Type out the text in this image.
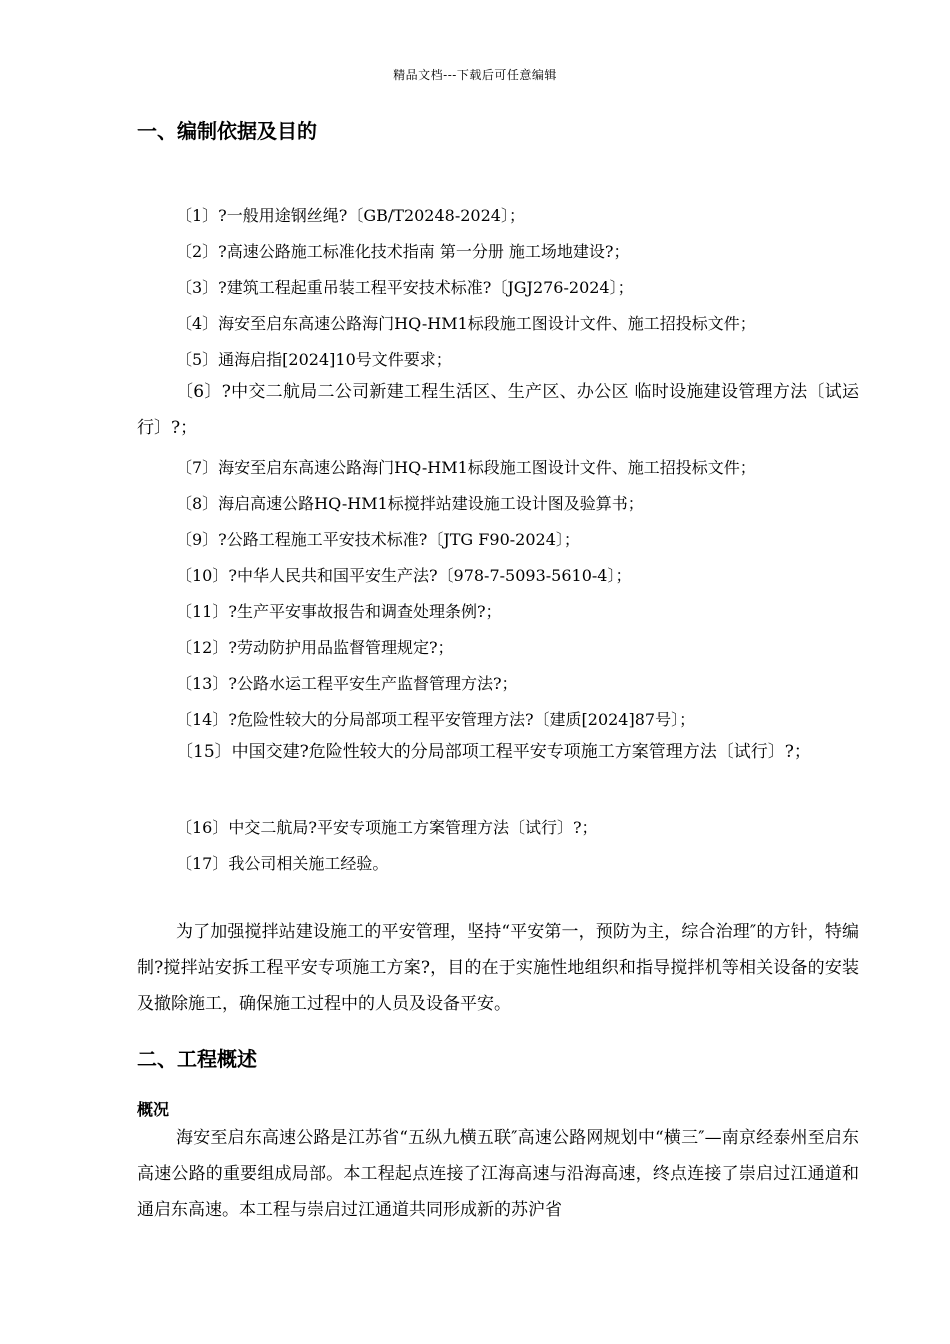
精品文档---下载后可任意编辑
一、编制依据及目的
〔1〕?一般用途钢丝绳?〔GB/T20248-2024〕；
〔2〕?高速公路施工标准化技术指南 第一分册 施工场地建设?；
〔3〕?建筑工程起重吊装工程平安技术标准?〔JGJ276-2024〕；
〔4〕海安至启东高速公路海门HQ-HM1标段施工图设计文件、施工招投标文件；
〔5〕通海启指[2024]10号文件要求；

〔6〕?中交二航局二公司新建工程生活区、生产区、办公区 临时设施建设管理方法〔试运行〕?；

〔7〕海安至启东高速公路海门HQ-HM1标段施工图设计文件、施工招投标文件；
〔8〕海启高速公路HQ-HM1标搅拌站建设施工设计图及验算书；
〔9〕?公路工程施工平安技术标准?〔JTG F90-2024〕；
〔10〕?中华人民共和国平安生产法?〔978-7-5093-5610-4〕；
〔11〕?生产平安事故报告和调查处理条例?；
〔12〕?劳动防护用品监督管理规定?；
〔13〕?公路水运工程平安生产监督管理方法?；
〔14〕?危险性较大的分局部项工程平安管理方法?〔建质[2024]87号〕；

〔15〕中国交建?危险性较大的分局部项工程平安专项施工方案管理方法〔试行〕?；

〔16〕中交二航局?平安专项施工方案管理方法〔试行〕?；
〔17〕我公司相关施工经验。

为了加强搅拌站建设施工的平安管理，坚持“平安第一，预防为主，综合治理″的方针，特编制?搅拌站安拆工程平安专项施工方案?，目的在于实施性地组织和指导搅拌机等相关设备的安装及撤除施工，确保施工过程中的人员及设备平安。

二、工程概述
概况

海安至启东高速公路是江苏省“五纵九横五联″高速公路网规划中“横三″—南京经泰州至启东高速公路的重要组成局部。本工程起点连接了江海高速与沿海高速，终点连接了崇启过江通道和通启东高速。本工程与崇启过江通道共同形成新的苏沪省
